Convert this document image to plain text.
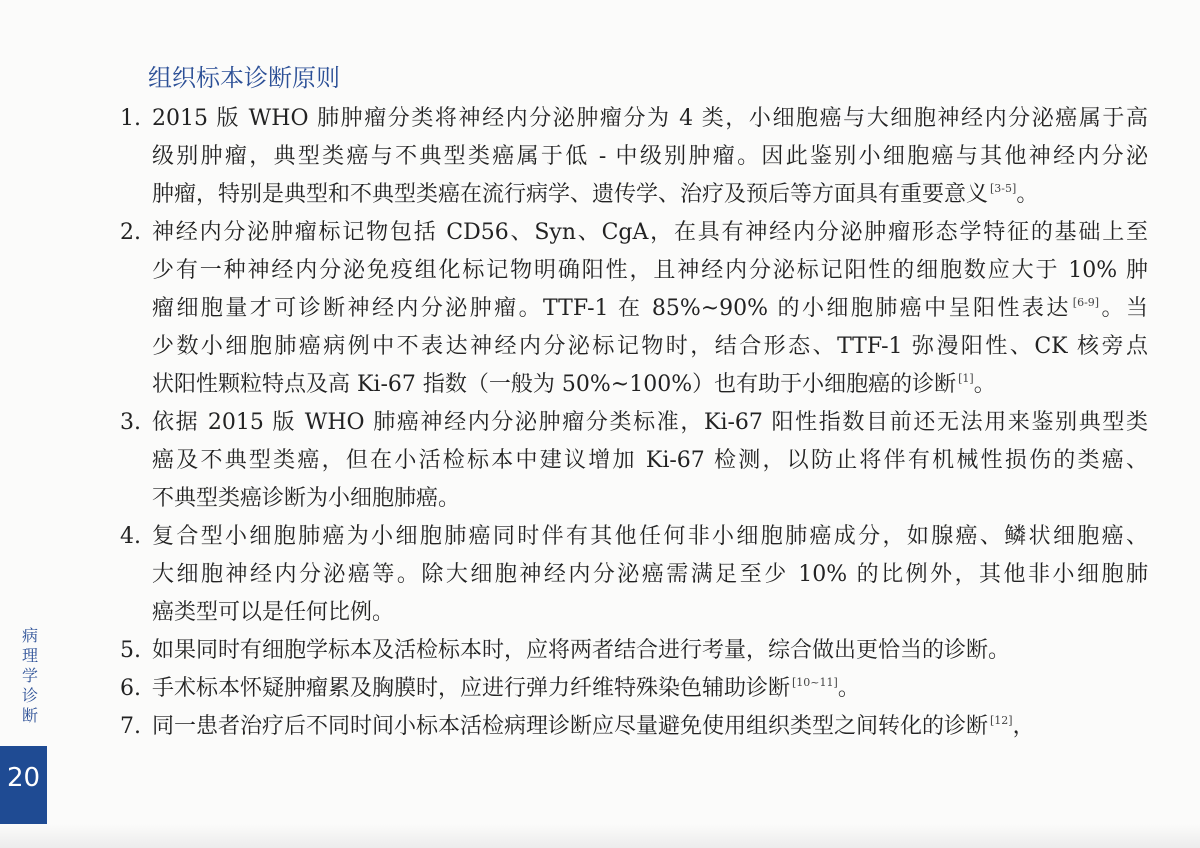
组织标本诊断原则
1. 2015 版 WHO 肺肿瘤分类将神经内分泌肿瘤分为 4 类，小细胞癌与大细胞神经内分泌癌属于高
级别肿瘤，典型类癌与不典型类癌属于低 - 中级别肿瘤。因此鉴别小细胞癌与其他神经内分泌
肿瘤，特别是典型和不典型类癌在流行病学、遗传学、治疗及预后等方面具有重要意义 [3-5]。
2. 神经内分泌肿瘤标记物包括 CD56、Syn、CgA，在具有神经内分泌肿瘤形态学特征的基础上至
少有一种神经内分泌免疫组化标记物明确阳性，且神经内分泌标记阳性的细胞数应大于 10% 肿
瘤细胞量才可诊断神经内分泌肿瘤。TTF-1 在 85%~90% 的小细胞肺癌中呈阳性表达 [6-9]。当
少数小细胞肺癌病例中不表达神经内分泌标记物时，结合形态、TTF-1 弥漫阳性、CK 核旁点
状阳性颗粒特点及高 Ki-67 指数（一般为 50%~100%）也有助于小细胞癌的诊断 [1]。
3. 依据 2015 版 WHO 肺癌神经内分泌肿瘤分类标准，Ki-67 阳性指数目前还无法用来鉴别典型类
癌及不典型类癌，但在小活检标本中建议增加 Ki-67 检测，以防止将伴有机械性损伤的类癌、
不典型类癌诊断为小细胞肺癌。
4. 复合型小细胞肺癌为小细胞肺癌同时伴有其他任何非小细胞肺癌成分，如腺癌、鳞状细胞癌、
大细胞神经内分泌癌等。除大细胞神经内分泌癌需满足至少 10% 的比例外，其他非小细胞肺
癌类型可以是任何比例。
5. 如果同时有细胞学标本及活检标本时，应将两者结合进行考量，综合做出更恰当的诊断。
6. 手术标本怀疑肿瘤累及胸膜时，应进行弹力纤维特殊染色辅助诊断 [10~11]。
7. 同一患者治疗后不同时间小标本活检病理诊断应尽量避免使用组织类型之间转化的诊断 [12]，
病理学诊断
20
